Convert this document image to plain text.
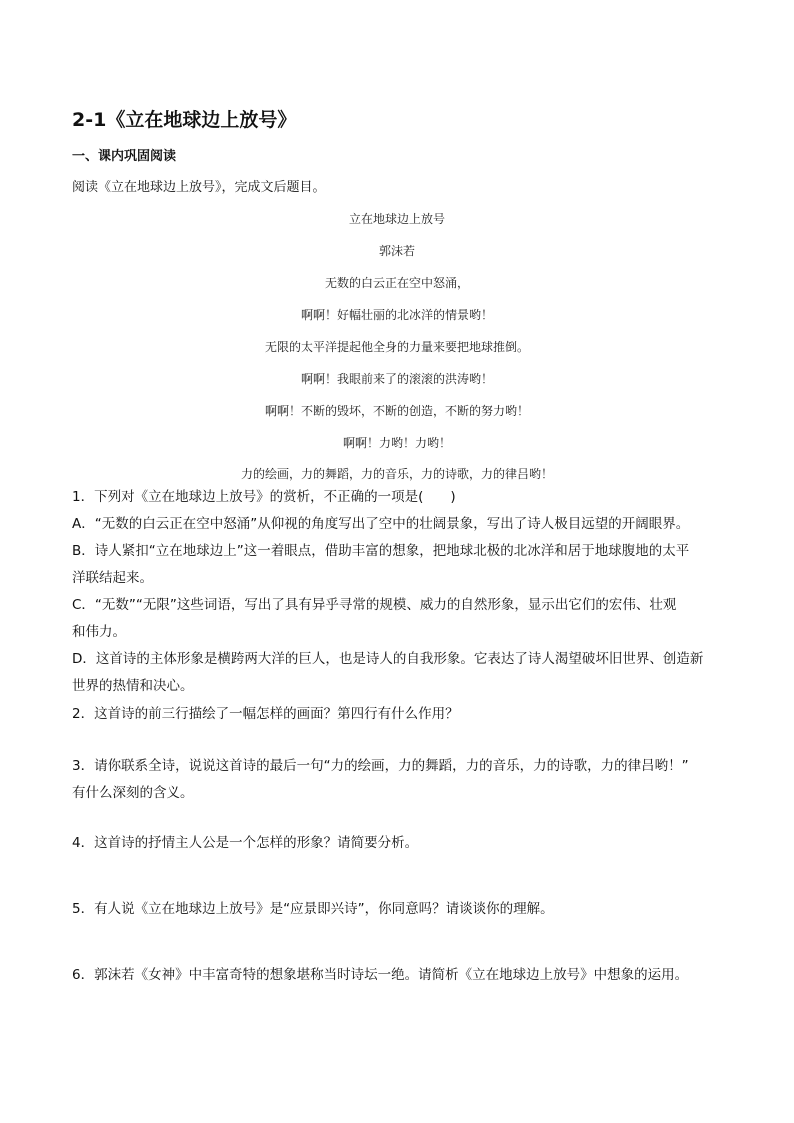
2-1《立在地球边上放号》
一、课内巩固阅读
阅读《立在地球边上放号》，完成文后题目。
立在地球边上放号
郭沫若
无数的白云正在空中怒涌，
啊啊！好幅壮丽的北冰洋的情景哟！
无限的太平洋提起他全身的力量来要把地球推倒。
啊啊！我眼前来了的滚滚的洪涛哟！
啊啊！不断的毁坏，不断的创造，不断的努力哟！
啊啊！力哟！力哟！
力的绘画，力的舞蹈，力的音乐，力的诗歌，力的律吕哟！
1．下列对《立在地球边上放号》的赏析，不正确的一项是(　　)
A．“无数的白云正在空中怒涌”从仰视的角度写出了空中的壮阔景象，写出了诗人极目远望的开阔眼界。
B．诗人紧扣“立在地球边上”这一着眼点，借助丰富的想象，把地球北极的北冰洋和居于地球腹地的太平
洋联结起来。
C．“无数”“无限”这些词语，写出了具有异乎寻常的规模、威力的自然形象，显示出它们的宏伟、壮观
和伟力。
D．这首诗的主体形象是横跨两大洋的巨人，也是诗人的自我形象。它表达了诗人渴望破坏旧世界、创造新
世界的热情和决心。
2．这首诗的前三行描绘了一幅怎样的画面？第四行有什么作用？
3．请你联系全诗，说说这首诗的最后一句“力的绘画，力的舞蹈，力的音乐，力的诗歌，力的律吕哟！”
有什么深刻的含义。
4．这首诗的抒情主人公是一个怎样的形象？请简要分析。
5．有人说《立在地球边上放号》是“应景即兴诗”，你同意吗？请谈谈你的理解。
6．郭沫若《女神》中丰富奇特的想象堪称当时诗坛一绝。请简析《立在地球边上放号》中想象的运用。
